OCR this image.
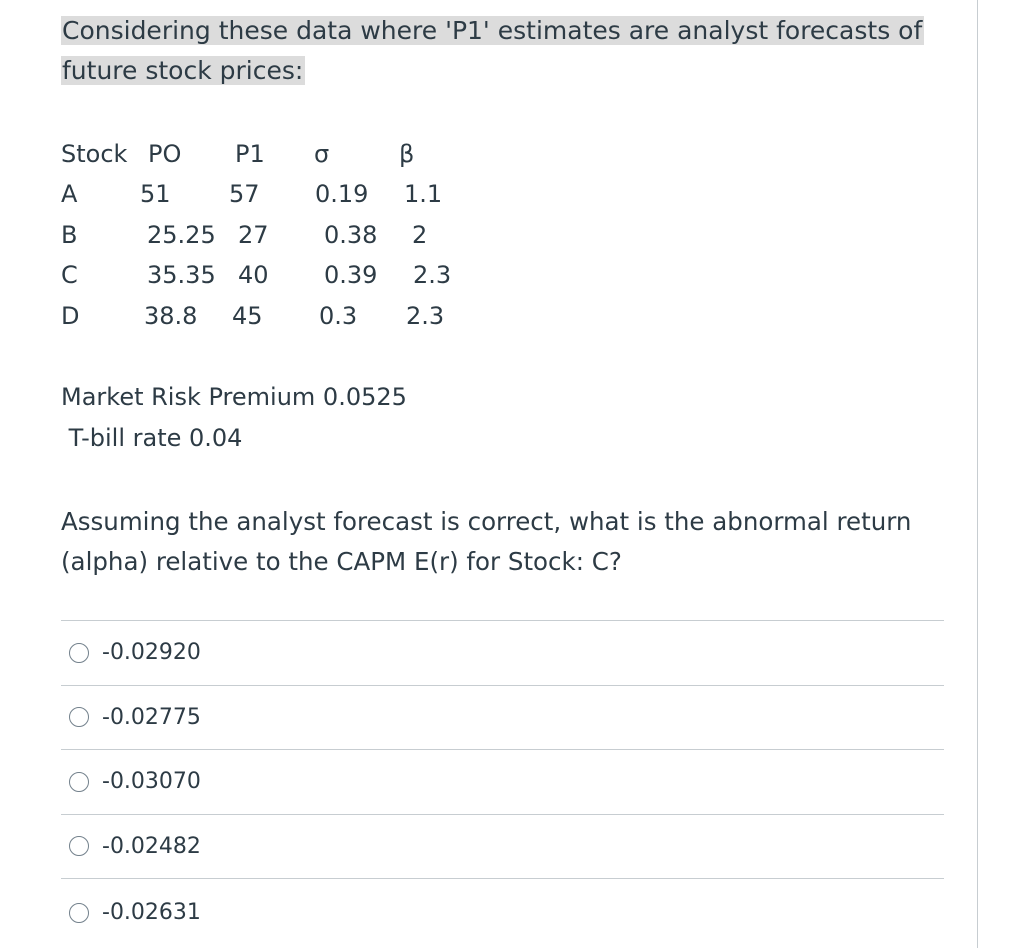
Considering these data where 'P1' estimates are analyst forecasts of
future stock prices:
Stock PO P1 σ	β
A	51 57 0.19 1.1
B	25.25 27 0.38 2
C	35.35 40 0.39 2.3
D	38.8 45 0.3 2.3
Market Risk Premium 0.0525
T-bill rate 0.04
Assuming the analyst forecast is correct, what is the abnormal return
(alpha) relative to the CAPM E(r) for Stock: C?
-0.02920
-0.02775
-0.03070
-0.02482
-0.02631
